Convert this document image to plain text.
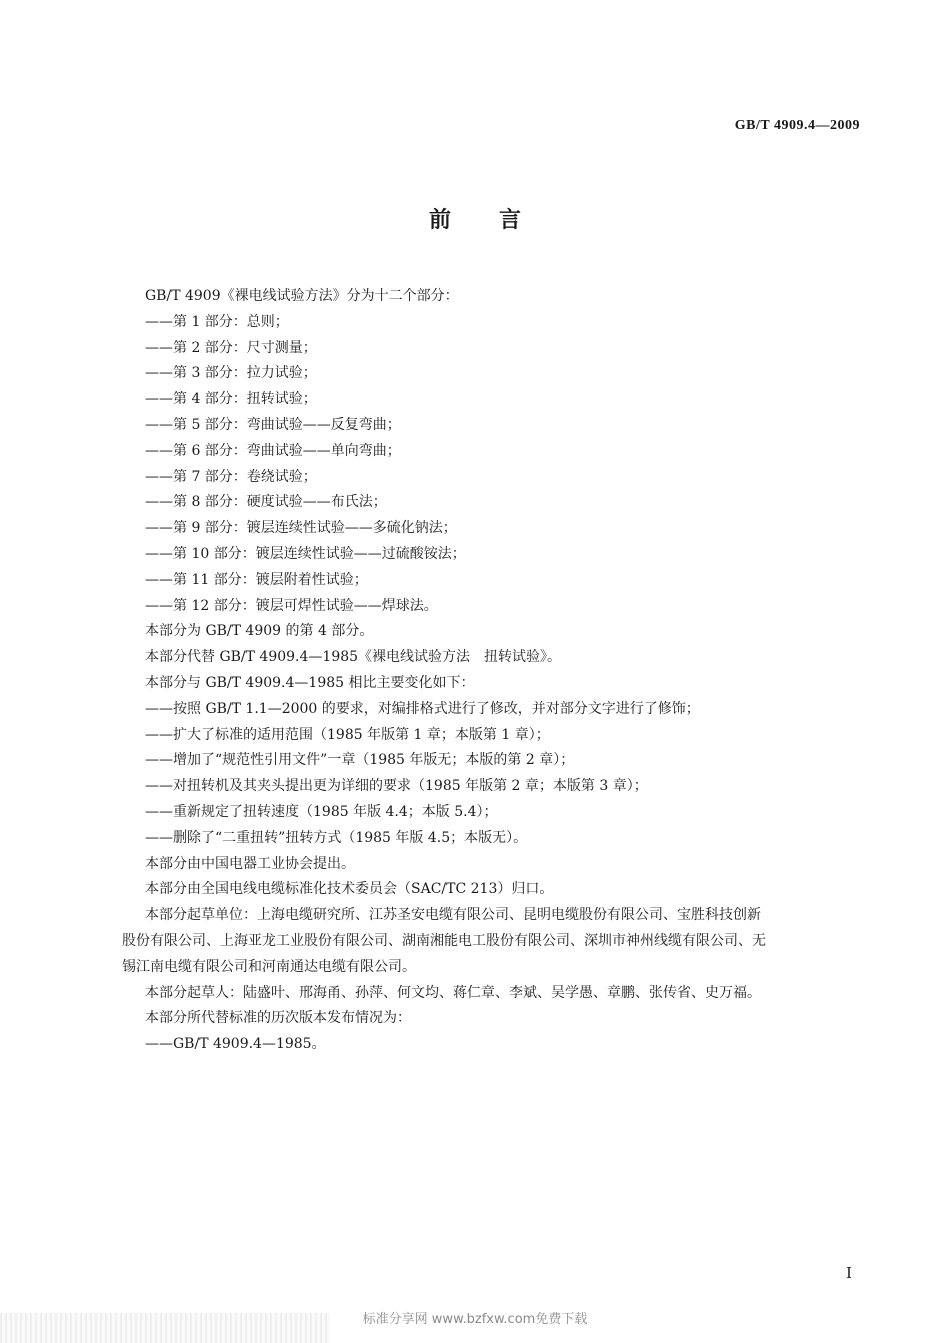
GB/T 4909.4—2009
前 言
GB/T 4909《裸电线试验方法》分为十二个部分：
——第 1 部分：总则；
——第 2 部分：尺寸测量；
——第 3 部分：拉力试验；
——第 4 部分：扭转试验；
——第 5 部分：弯曲试验——反复弯曲；
——第 6 部分：弯曲试验——单向弯曲；
——第 7 部分：卷绕试验；
——第 8 部分：硬度试验——布氏法；
——第 9 部分：镀层连续性试验——多硫化钠法；
——第 10 部分：镀层连续性试验——过硫酸铵法；
——第 11 部分：镀层附着性试验；
——第 12 部分：镀层可焊性试验——焊球法。
本部分为 GB/T 4909 的第 4 部分。
本部分代替 GB/T 4909.4—1985《裸电线试验方法　扭转试验》。
本部分与 GB/T 4909.4—1985 相比主要变化如下：
——按照 GB/T 1.1—2000 的要求，对编排格式进行了修改，并对部分文字进行了修饰；
——扩大了标准的适用范围（1985 年版第 1 章；本版第 1 章）；
——增加了“规范性引用文件”一章（1985 年版无；本版的第 2 章）；
——对扭转机及其夹头提出更为详细的要求（1985 年版第 2 章；本版第 3 章）；
——重新规定了扭转速度（1985 年版 4.4；本版 5.4）；
——删除了“二重扭转”扭转方式（1985 年版 4.5；本版无）。
本部分由中国电器工业协会提出。
本部分由全国电线电缆标准化技术委员会（SAC/TC 213）归口。
本部分起草单位：上海电缆研究所、江苏圣安电缆有限公司、昆明电缆股份有限公司、宝胜科技创新
股份有限公司、上海亚龙工业股份有限公司、湖南湘能电工股份有限公司、深圳市神州线缆有限公司、无
锡江南电缆有限公司和河南通达电缆有限公司。
本部分起草人：陆盛叶、邢海甬、孙萍、何文均、蒋仁章、李斌、吴学愚、章鹏、张传省、史万福。
本部分所代替标准的历次版本发布情况为：
——GB/T 4909.4—1985。
I
标准分享网 www.bzfxw.com免费下载
